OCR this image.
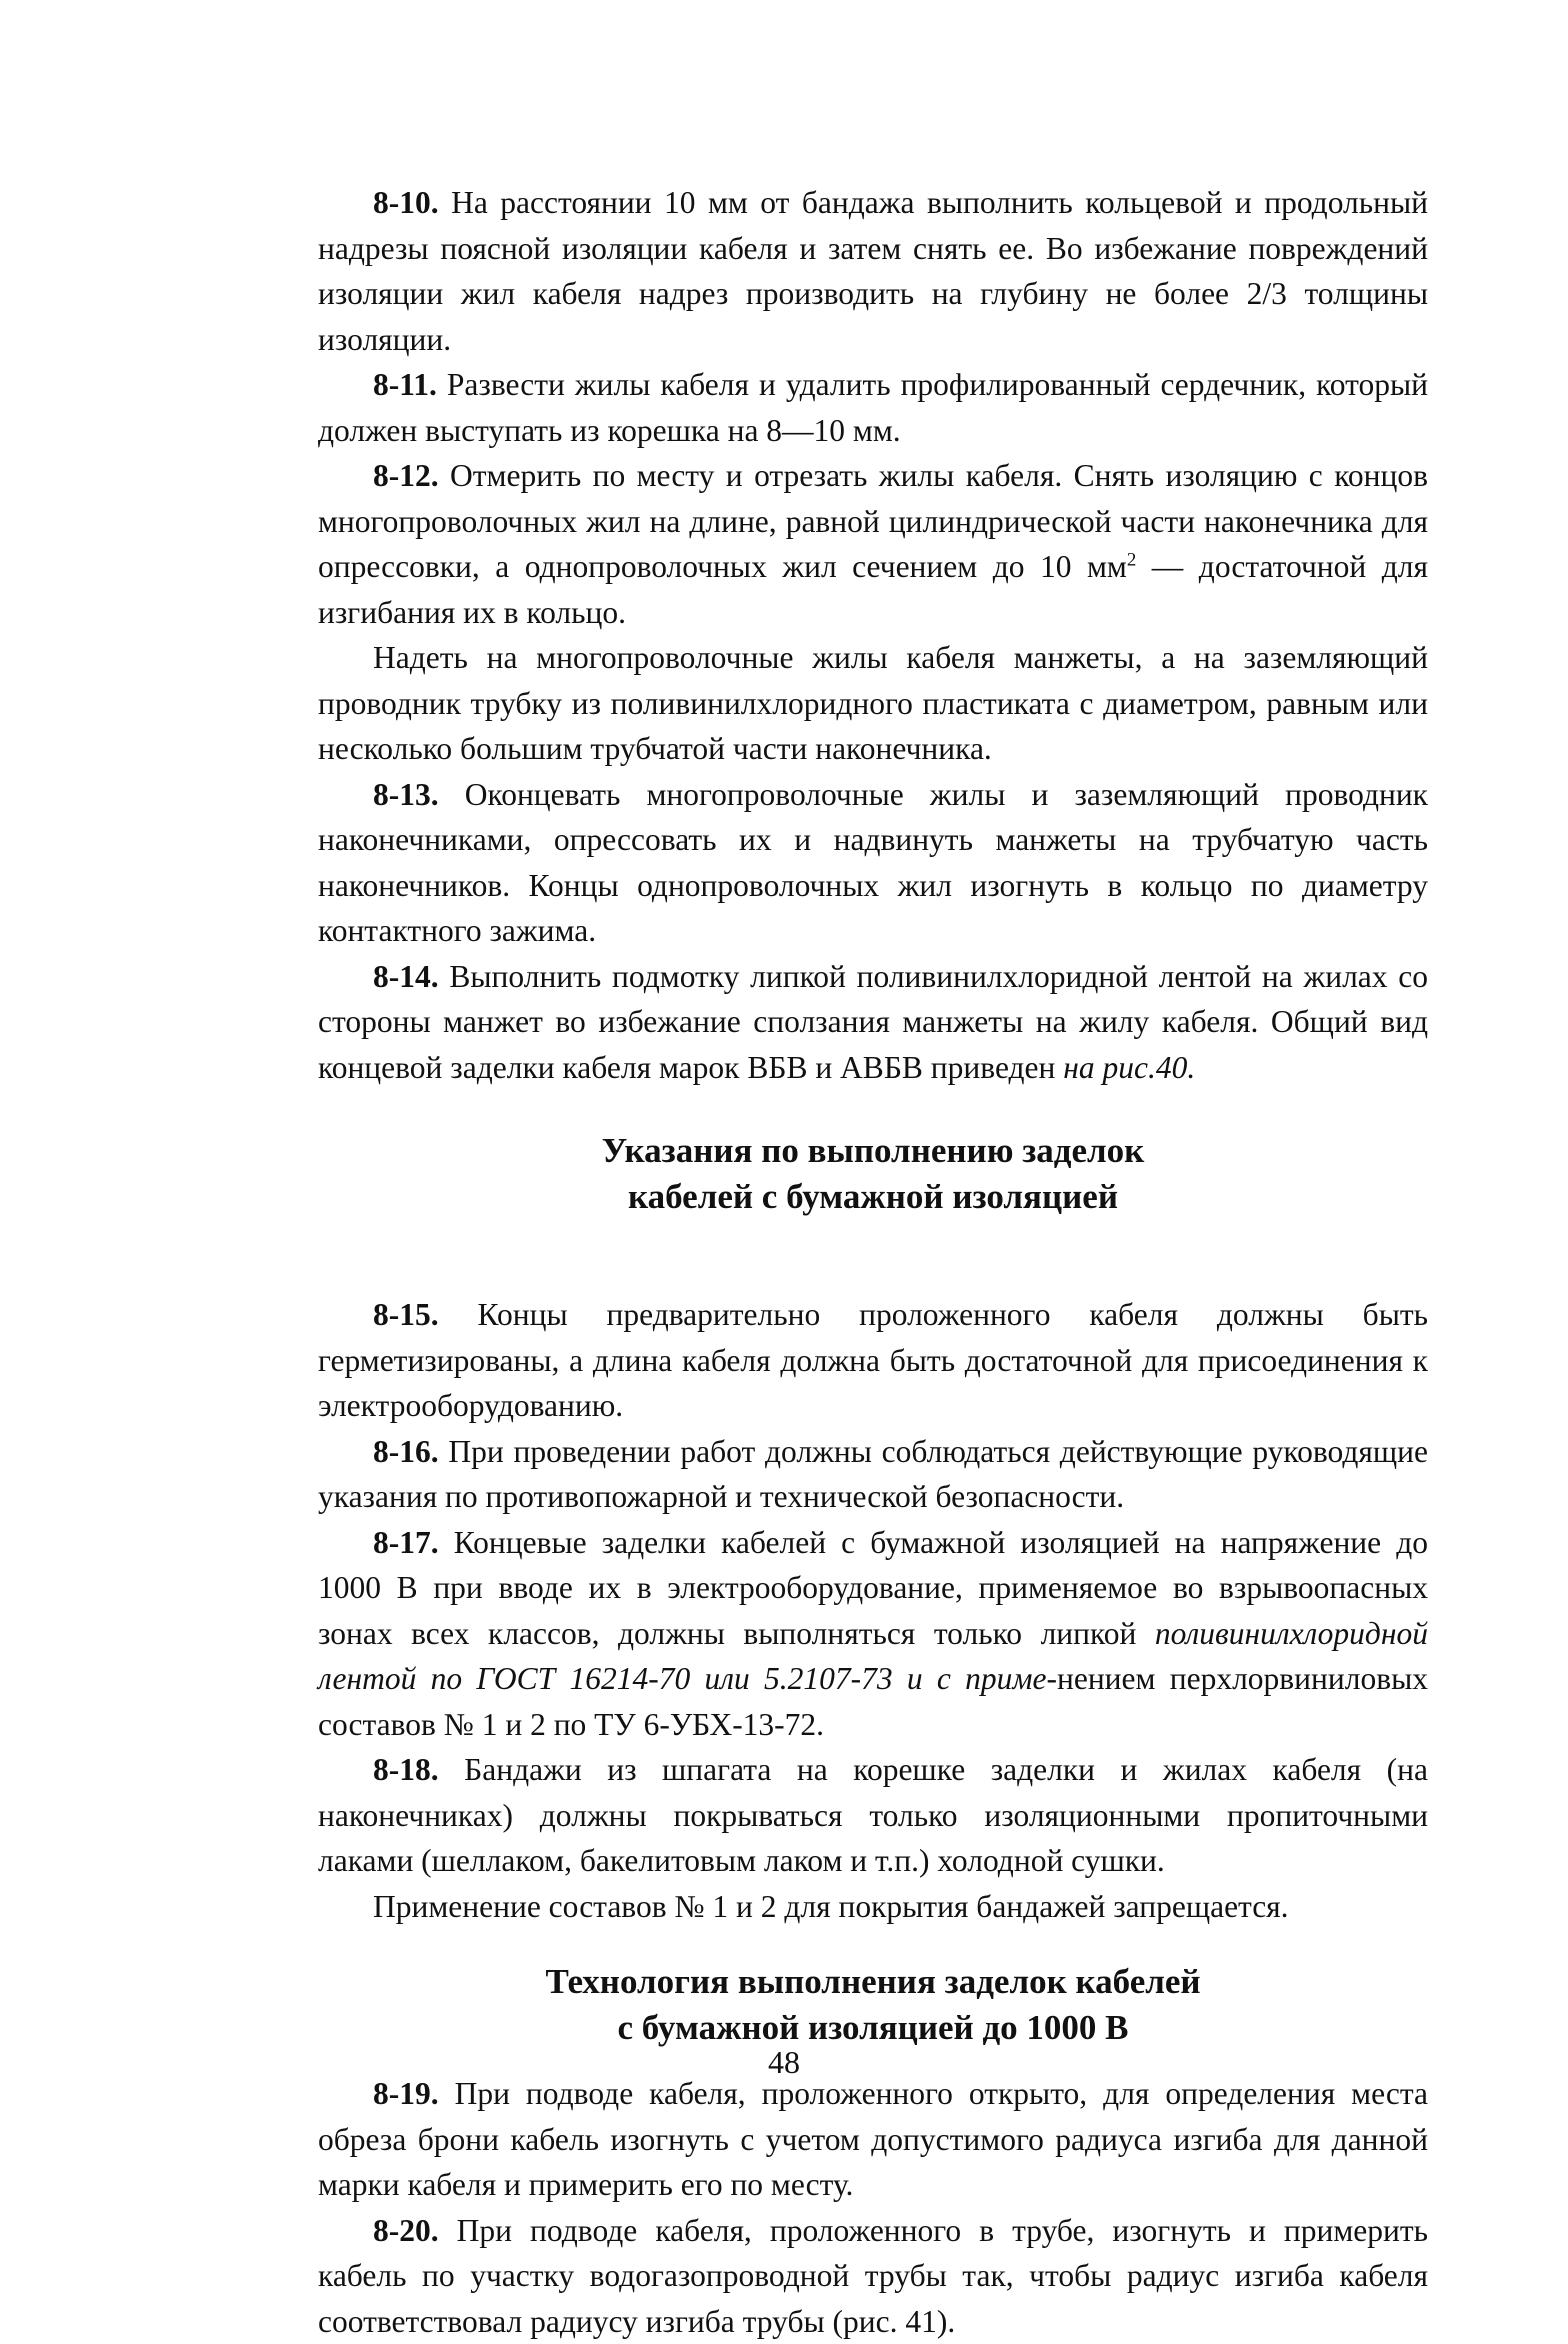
8-10. На расстоянии 10 мм от бандажа выполнить кольцевой и продольный надрезы поясной изоляции кабеля и затем снять ее. Во избежание повреждений изоляции жил кабеля надрез производить на глубину не более 2/3 толщины изоляции.

8-11. Развести жилы кабеля и удалить профилированный сердечник, который должен выступать из корешка на 8—10 мм.

8-12. Отмерить по месту и отрезать жилы кабеля. Снять изоляцию с концов многопроволочных жил на длине, равной цилиндрической части наконечника для опрессовки, а однопроволочных жил сечением до 10 $мм^2$ — достаточной для изгибания их в кольцо.

Надеть на многопроволочные жилы кабеля манжеты, а на заземляющий проводник трубку из поливинилхлоридного пластиката с диаметром, равным или несколько большим трубчатой части наконечника.

8-13. Оконцевать многопроволочные жилы и заземляющий проводник наконечниками, опрессовать их и надвинуть манжеты на трубчатую часть наконечников. Концы однопроволочных жил изогнуть в кольцо по диаметру контактного зажима.

8-14. Выполнить подмотку липкой поливинилхлоридной лентой на жилах со стороны манжет во избежание сползания манжеты на жилу кабеля. Общий вид концевой заделки кабеля марок ВБВ и АВБВ приведен на рис.40.

Указания по выполнению заделок
кабелей с бумажной изоляцией

8-15. Концы предварительно проложенного кабеля должны быть герметизированы, а длина кабеля должна быть достаточной для присоединения к электрооборудованию.

8-16. При проведении работ должны соблюдаться действующие руководящие указания по противопожарной и технической безопасности.

8-17. Концевые заделки кабелей с бумажной изоляцией на напряжение до 1000 В при вводе их в электрооборудование, применяемое во взрывоопасных зонах всех классов, должны выполняться только липкой поливинилхлоридной лентой по ГОСТ 16214-70 или 5.2107-73 и с приме-нением перхлорвиниловых составов № 1 и 2 по ТУ 6-УБХ-13-72.

8-18. Бандажи из шпагата на корешке заделки и жилах кабеля (на наконечниках) должны покрываться только изоляционными пропиточными лаками (шеллаком, бакелитовым лаком и т.п.) холодной сушки.

Применение составов № 1 и 2 для покрытия бандажей запрещается.

Технология выполнения заделок кабелей
с бумажной изоляцией до 1000 В

8-19. При подводе кабеля, проложенного открыто, для определения места обреза брони кабель изогнуть с учетом допустимого радиуса изгиба для данной марки кабеля и примерить его по месту.

8-20. При подводе кабеля, проложенного в трубе, изогнуть и примерить кабель по участку водогазопроводной трубы так, чтобы радиус изгиба кабеля соответствовал радиусу изгиба трубы (рис. 41).

48
